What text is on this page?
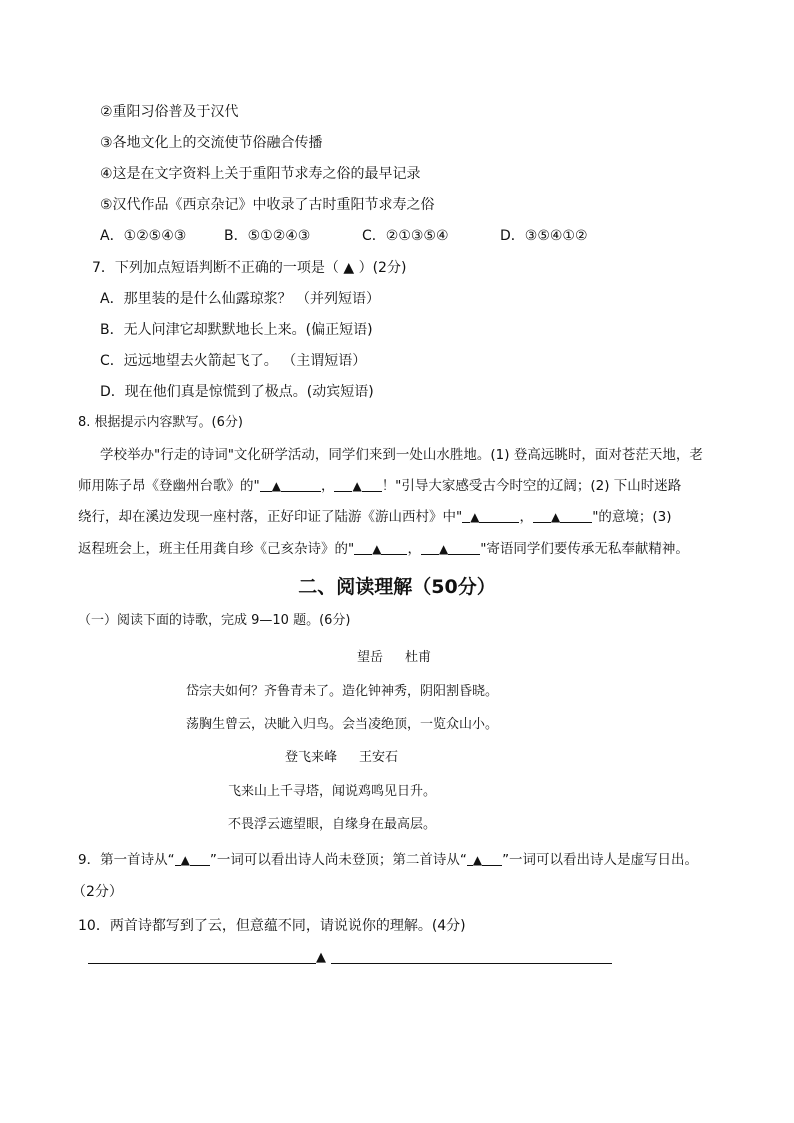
②重阳习俗普及于汉代
③各地文化上的交流使节俗融合传播
④这是在文字资料上关于重阳节求寿之俗的最早记录
⑤汉代作品《西京杂记》中收录了古时重阳节求寿之俗
A．①②⑤④③	B．⑤①②④③	C．②①③⑤④	D．③⑤④①②
7．下列加点短语判断不正确的一项是（ ▲ ）(2分)
A．那里装的是什么仙露琼浆？ （并列短语）
B．无人问津它却默默地长上来。(偏正短语)
C．远远地望去火箭起飞了。 （主谓短语）
D．现在他们真是惊慌到了极点。(动宾短语)
8. 根据提示内容默写。(6分)
学校举办"行走的诗词"文化研学活动，同学们来到一处山水胜地。(1) 登高远眺时，面对苍茫天地，老
师用陈子昂《登幽州台歌》的" ▲	， ▲ ！"引导大家感受古今时空的辽阔；(2) 下山时迷路
绕行，却在溪边发现一座村落，正好印证了陆游《游山西村》中" ▲	， ▲ "的意境；(3)
返程班会上，班主任用龚自珍《己亥杂诗》的" ▲ ， ▲ "寄语同学们要传承无私奉献精神。
二、阅读理解（50分）
（一）阅读下面的诗歌，完成 9—10 题。(6分)
望岳 杜甫
岱宗夫如何？齐鲁青未了。造化钟神秀，阴阳割昏晓。
荡胸生曾云，决眦入归鸟。会当凌绝顶，一览众山小。
登飞来峰 王安石
飞来山上千寻塔，闻说鸡鸣见日升。
不畏浮云遮望眼，自缘身在最高层。
9．第一首诗从“ ▲ ”一词可以看出诗人尚未登顶；第二首诗从“ ▲ ”一词可以看出诗人是虚写日出。
（2分）
10．两首诗都写到了云，但意蕴不同，请说说你的理解。(4分)
▲
